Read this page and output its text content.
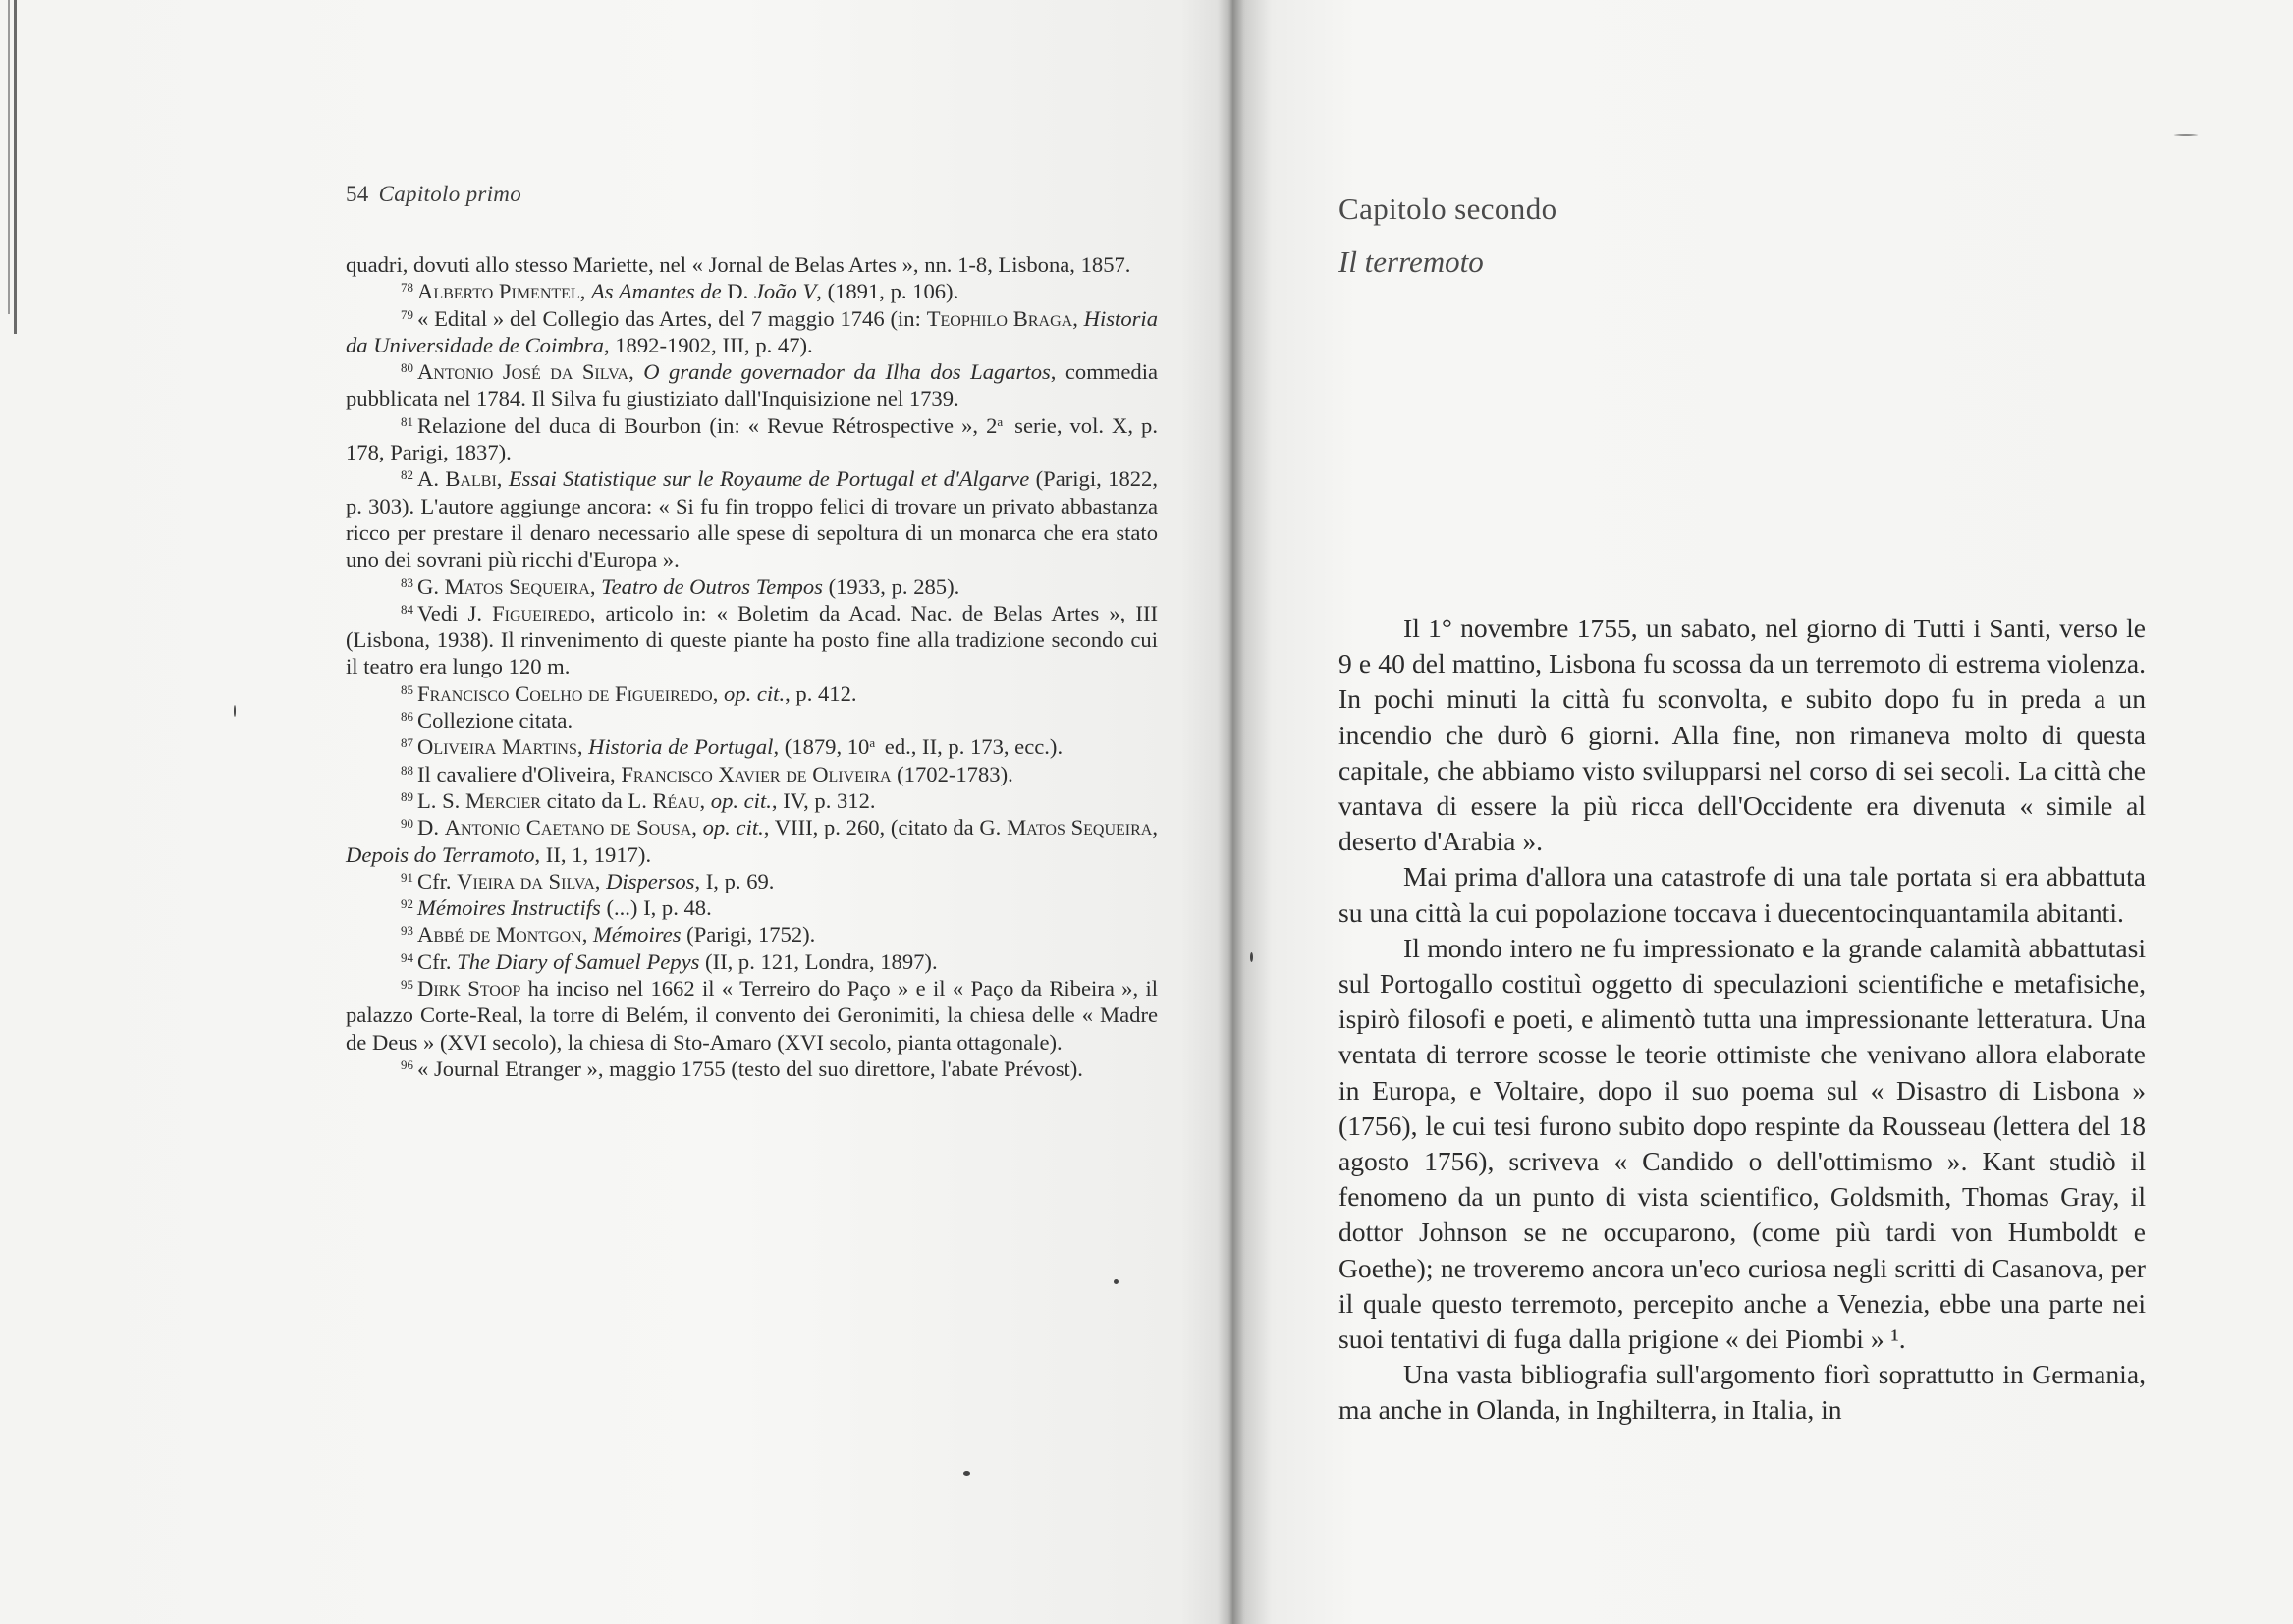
54 Capitolo primo

quadri, dovuti allo stesso Mariette, nel « Jornal de Belas Artes », nn. 1-8, Lisbona, 1857.

$^{78}$ Alberto Pimentel, As Amantes de D. João V, (1891, p. 106).

$^{79}$ « Edital » del Collegio das Artes, del 7 maggio 1746 (in: Teophilo Braga, Historia da Universidade de Coimbra, 1892-1902, III, p. 47).

$^{80}$ Antonio José da Silva, O grande governador da Ilha dos Lagartos, commedia pubblicata nel 1784. Il Silva fu giustiziato dall'Inquisizione nel 1739.

$^{81}$ Relazione del duca di Bourbon (in: « Revue Rétrospective », 2$^a$ serie, vol. X, p. 178, Parigi, 1837).

$^{82}$ A. Balbi, Essai Statistique sur le Royaume de Portugal et d'Algarve (Parigi, 1822, p. 303). L'autore aggiunge ancora: « Si fu fin troppo felici di trovare un privato abbastanza ricco per prestare il denaro necessario alle spese di sepoltura di un monarca che era stato uno dei sovrani più ricchi d'Europa ».

$^{83}$ G. Matos Sequeira, Teatro de Outros Tempos (1933, p. 285).

$^{84}$ Vedi J. Figueiredo, articolo in: « Boletim da Acad. Nac. de Belas Artes », III (Lisbona, 1938). Il rinvenimento di queste piante ha posto fine alla tradizione secondo cui il teatro era lungo 120 m.

$^{85}$ Francisco Coelho de Figueiredo, op. cit., p. 412.

$^{86}$ Collezione citata.

$^{87}$ Oliveira Martins, Historia de Portugal, (1879, 10$^a$ ed., II, p. 173, ecc.).

$^{88}$ Il cavaliere d'Oliveira, Francisco Xavier de Oliveira (1702-1783).

$^{89}$ L. S. Mercier citato da L. Réau, op. cit., IV, p. 312.

$^{90}$ D. Antonio Caetano de Sousa, op. cit., VIII, p. 260, (citato da G. Matos Sequeira, Depois do Terramoto, II, 1, 1917).

$^{91}$ Cfr. Vieira da Silva, Dispersos, I, p. 69.

$^{92}$ Mémoires Instructifs (...) I, p. 48.

$^{93}$ Abbé de Montgon, Mémoires (Parigi, 1752).

$^{94}$ Cfr. The Diary of Samuel Pepys (II, p. 121, Londra, 1897).

$^{95}$ Dirk Stoop ha inciso nel 1662 il « Terreiro do Paço » e il « Paço da Ribeira », il palazzo Corte-Real, la torre di Belém, il convento dei Geronimiti, la chiesa delle « Madre de Deus » (XVI secolo), la chiesa di Sto-Amaro (XVI secolo, pianta ottagonale).

$^{96}$ « Journal Etranger », maggio 1755 (testo del suo direttore, l'abate Prévost).

Capitolo secondo
Il terremoto

Il 1° novembre 1755, un sabato, nel giorno di Tutti i Santi, verso le 9 e 40 del mattino, Lisbona fu scossa da un terremoto di estrema violenza. In pochi minuti la città fu sconvolta, e subito dopo fu in preda a un incendio che durò 6 giorni. Alla fine, non rimaneva molto di questa capitale, che abbiamo visto svilupparsi nel corso di sei secoli. La città che vantava di essere la più ricca dell'Occidente era divenuta « simile al deserto d'Arabia ».

Mai prima d'allora una catastrofe di una tale portata si era abbattuta su una città la cui popolazione toccava i duecentocinquantamila abitanti.

Il mondo intero ne fu impressionato e la grande calamità abbattutasi sul Portogallo costituì oggetto di speculazioni scientifiche e metafisiche, ispirò filosofi e poeti, e alimentò tutta una impressionante letteratura. Una ventata di terrore scosse le teorie ottimiste che venivano allora elaborate in Europa, e Voltaire, dopo il suo poema sul « Disastro di Lisbona » (1756), le cui tesi furono subito dopo respinte da Rousseau (lettera del 18 agosto 1756), scriveva « Candido o dell'ottimismo ». Kant studiò il fenomeno da un punto di vista scientifico, Goldsmith, Thomas Gray, il dottor Johnson se ne occuparono, (come più tardi von Humboldt e Goethe); ne troveremo ancora un'eco curiosa negli scritti di Casanova, per il quale questo terremoto, percepito anche a Venezia, ebbe una parte nei suoi tentativi di fuga dalla prigione « dei Piombi » ¹.

Una vasta bibliografia sull'argomento fiorì soprattutto in Germania, ma anche in Olanda, in Inghilterra, in Italia, in
